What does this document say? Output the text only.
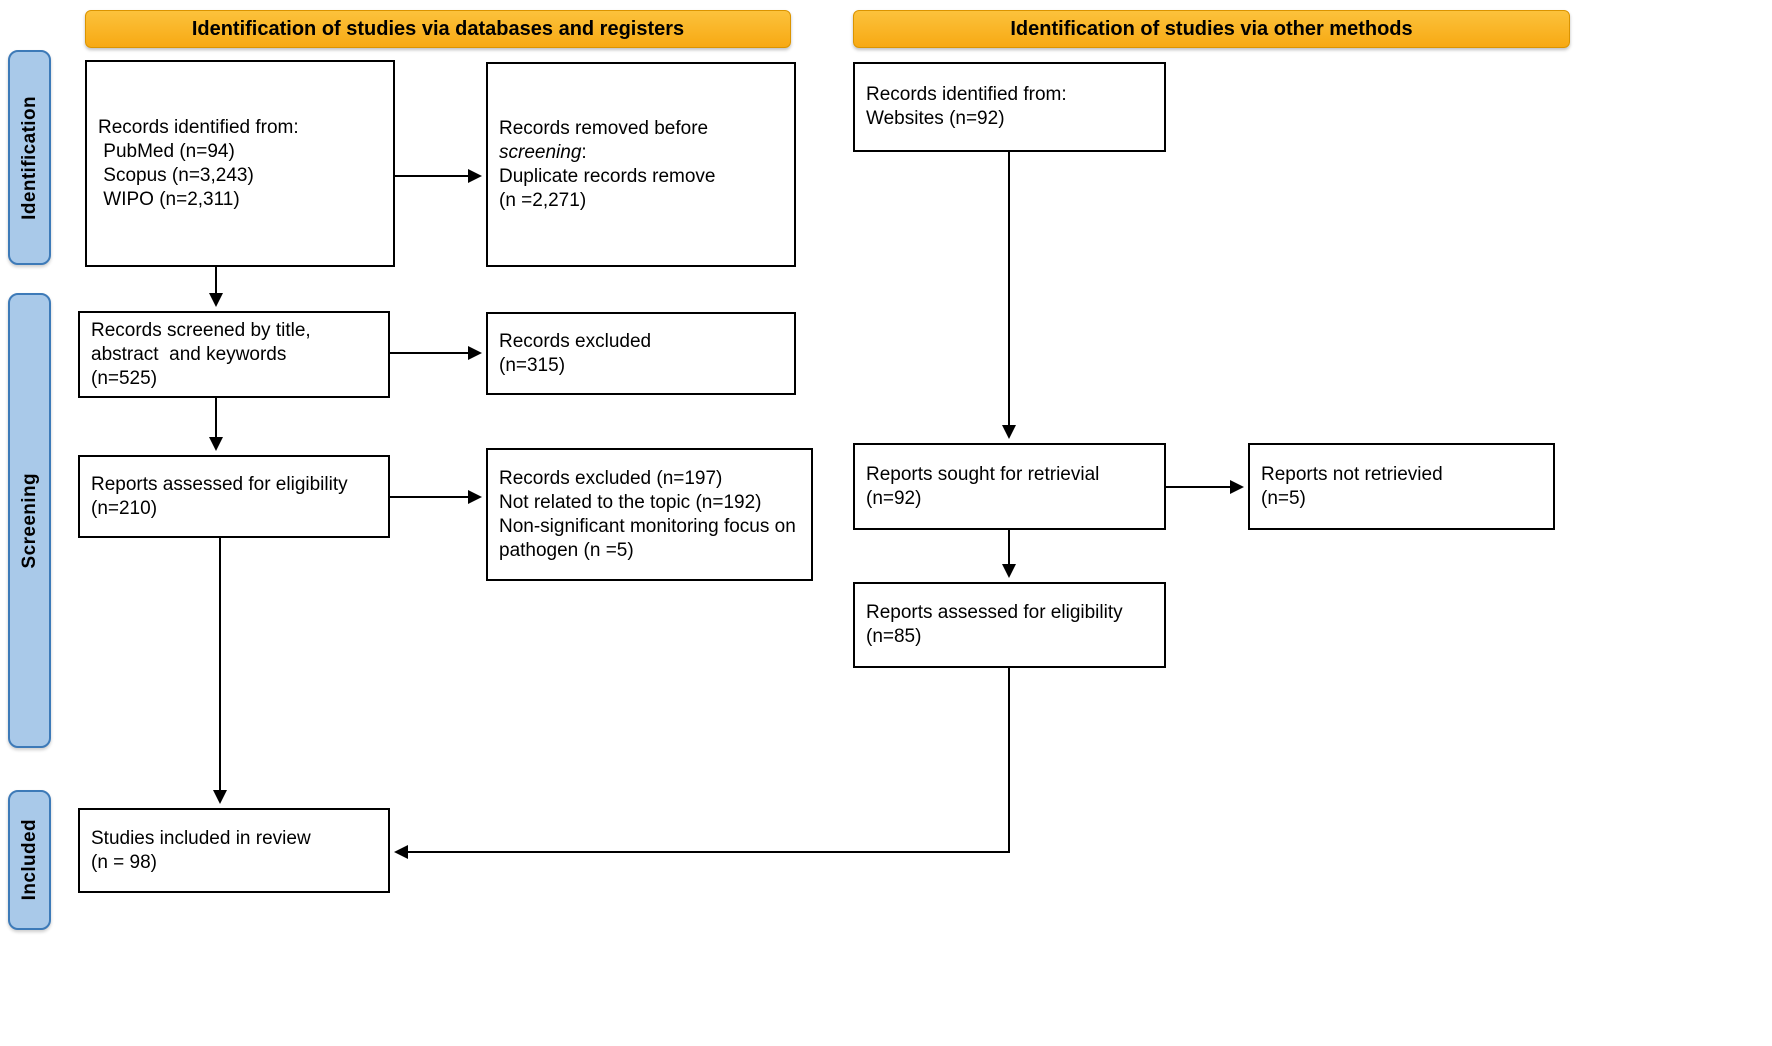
Identification of studies via databases and registers	Identification of studies via other methods
Identification
Screening
Included
Records identified from:
PubMed (n=94)
Scopus (n=3,243)
WIPO (n=2,311)
Records screened by title,
abstract  and keywords
(n=525)
Reports assessed for eligibility
(n=210)
Studies included in review
(n = 98)
Records removed before
screening:
Duplicate records remove
(n =2,271)
Records excluded
(n=315)
Records excluded (n=197)
Not related to the topic (n=192)
Non-significant monitoring focus on pathogen (n =5)
Records identified from:
Websites (n=92)
Reports sought for retrievial
(n=92)
Reports not retrievied
(n=5)
Reports assessed for eligibility
(n=85)
